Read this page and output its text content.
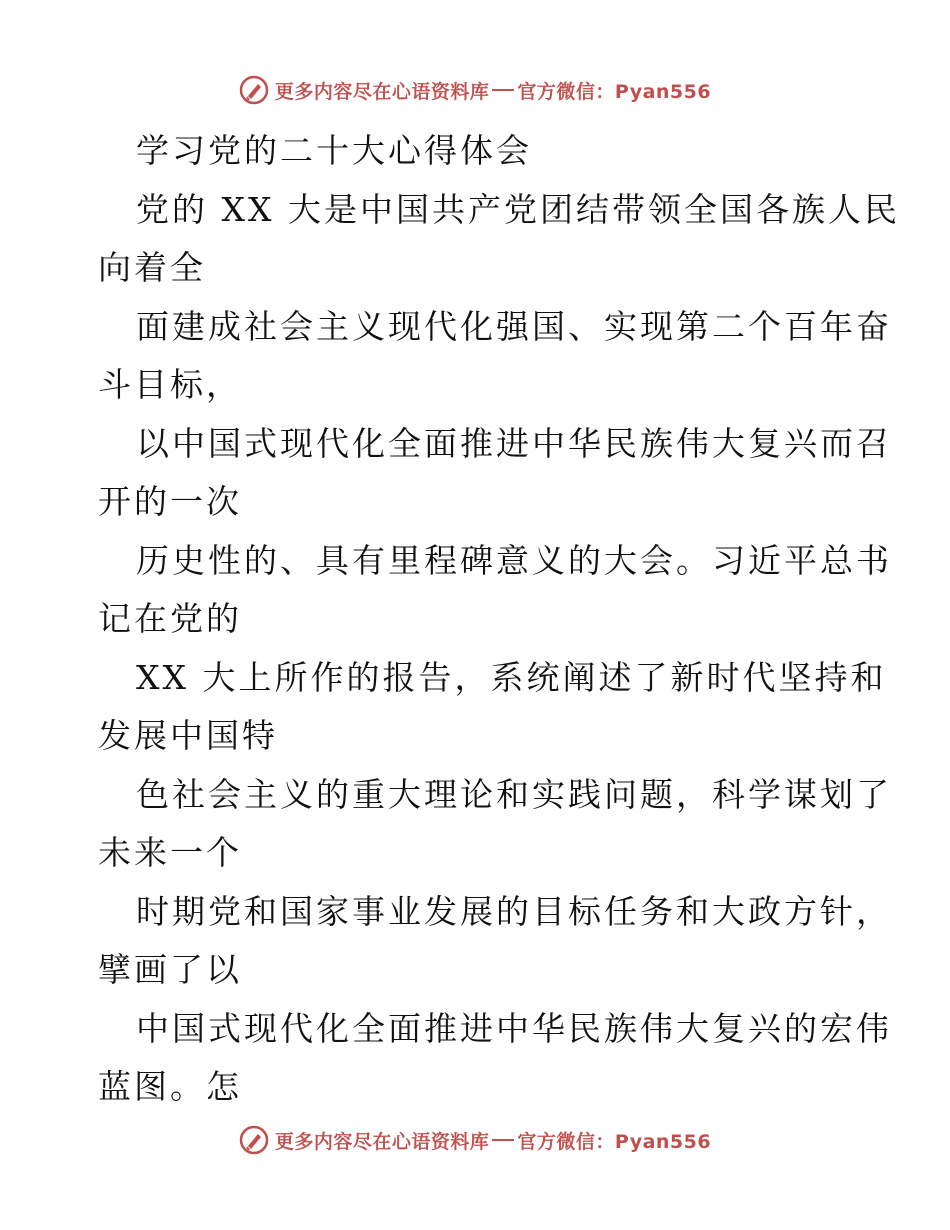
更多内容尽在心语资料库 官方微信：Pyan556
学习党的二十大心得体会
党的 XX 大是中国共产党团结带领全国各族人民
向着全
面建成社会主义现代化强国、实现第二个百年奋
斗目标，
以中国式现代化全面推进中华民族伟大复兴而召
开的一次
历史性的、具有里程碑意义的大会。习近平总书
记在党的
XX 大上所作的报告，系统阐述了新时代坚持和
发展中国特
色社会主义的重大理论和实践问题，科学谋划了
未来一个
时期党和国家事业发展的目标任务和大政方针，
擘画了以
中国式现代化全面推进中华民族伟大复兴的宏伟
蓝图。怎
更多内容尽在心语资料库 官方微信：Pyan556
